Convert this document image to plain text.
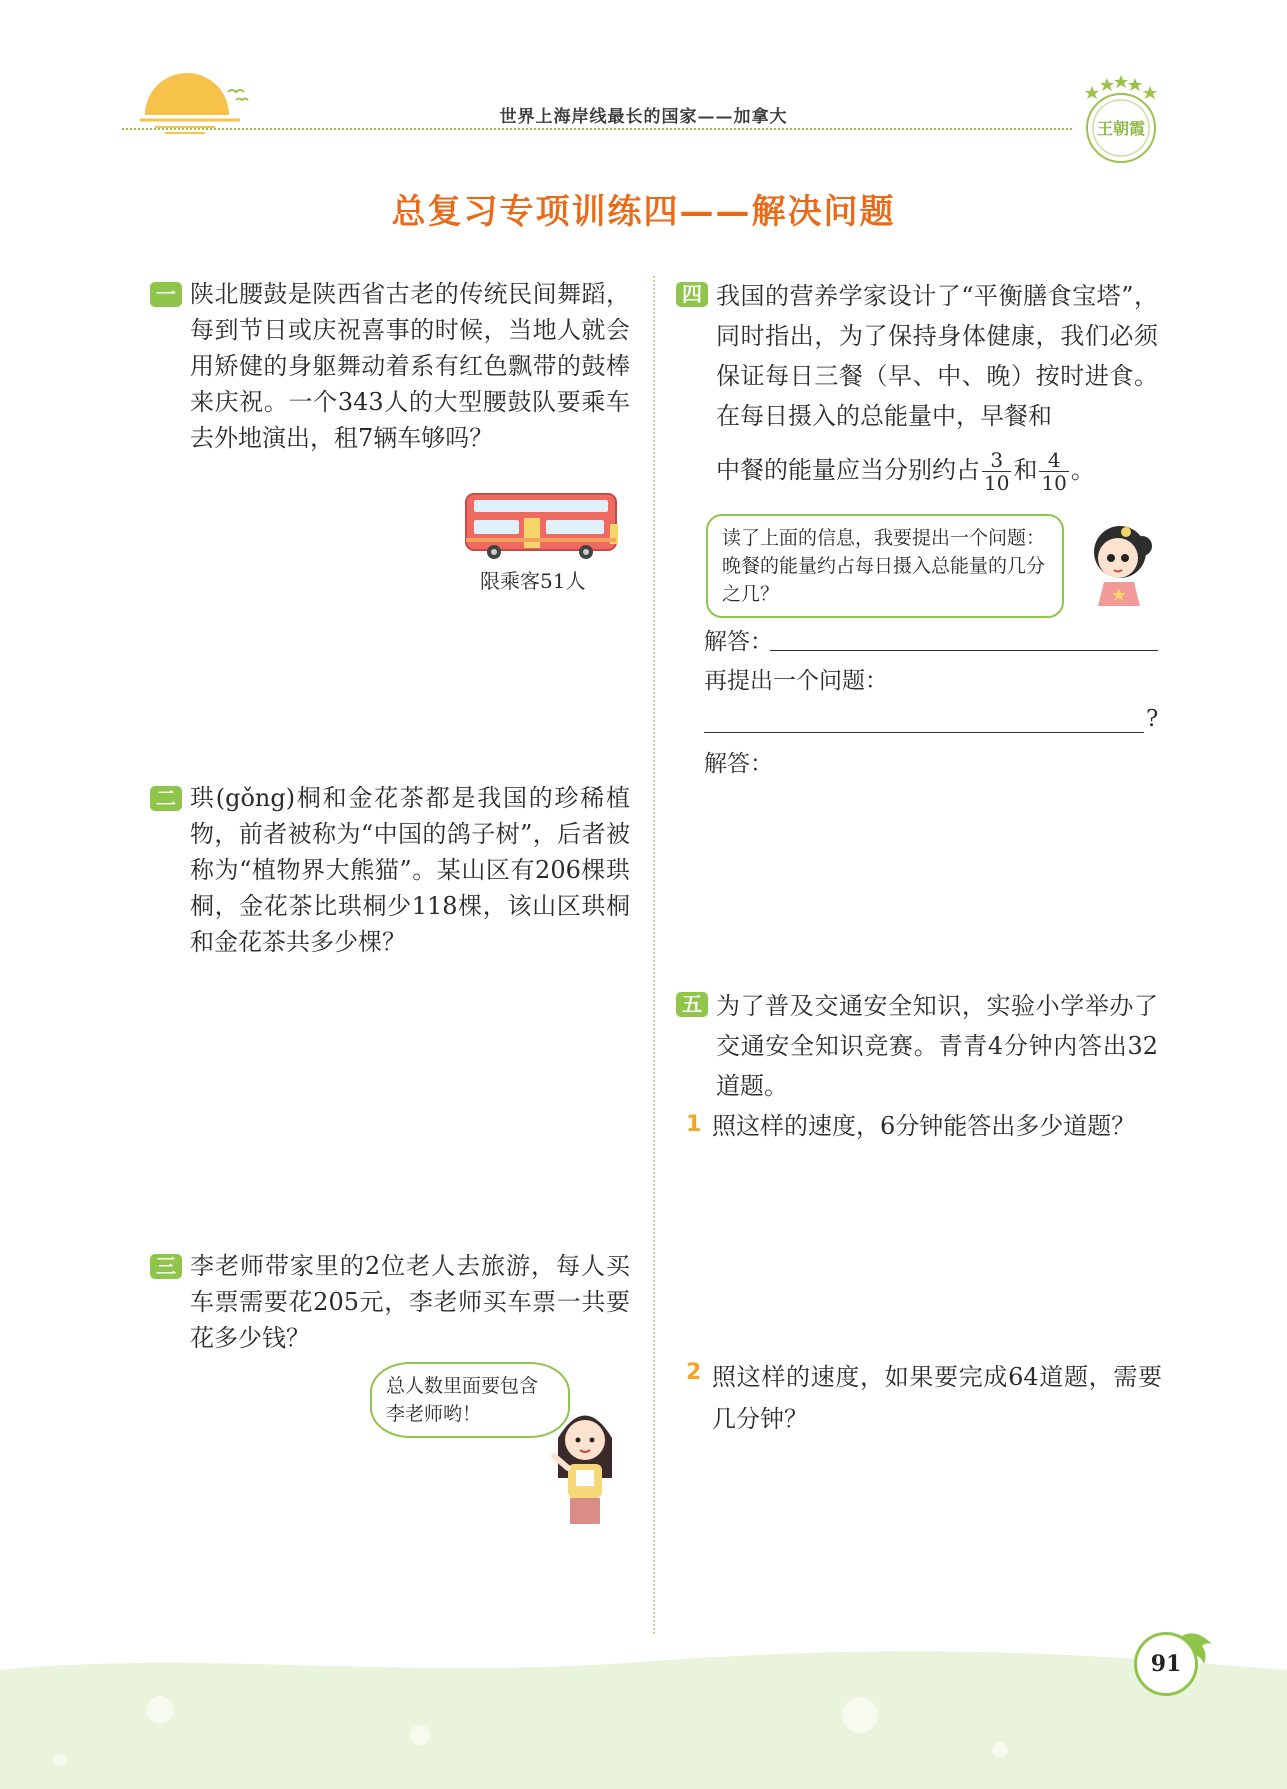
世界上海岸线最长的国家——加拿大
王朝霞
总复习专项训练四——解决问题
一 陕北腰鼓是陕西省古老的传统民间舞蹈，每到节日或庆祝喜事的时候，当地人就会用矫健的身躯舞动着系有红色飘带的鼓棒来庆祝。一个343人的大型腰鼓队要乘车去外地演出，租7辆车够吗？
限乘客51人
二 珙(gǒng)桐和金花茶都是我国的珍稀植物，前者被称为“中国的鸽子树”，后者被称为“植物界大熊猫”。某山区有206棵珙桐，金花茶比珙桐少118棵，该山区珙桐和金花茶共多少棵？
三 李老师带家里的2位老人去旅游，每人买车票需要花205元，李老师买车票一共要花多少钱？
总人数里面要包含李老师哟！
四 我国的营养学家设计了“平衡膳食宝塔”，同时指出，为了保持身体健康，我们必须保证每日三餐（早、中、晚）按时进食。在每日摄入的总能量中，早餐和
中餐的能量应当分别约占 $\frac{3}{10}$ 和 $\frac{4}{10}$ 。
读了上面的信息，我要提出一个问题：晚餐的能量约占每日摄入总能量的几分之几？
解答：
再提出一个问题：
?
解答：
五 为了普及交通安全知识，实验小学举办了交通安全知识竞赛。青青4分钟内答出32道题。
1 照这样的速度，6分钟能答出多少道题？
2 照这样的速度，如果要完成64道题，需要几分钟？
91
